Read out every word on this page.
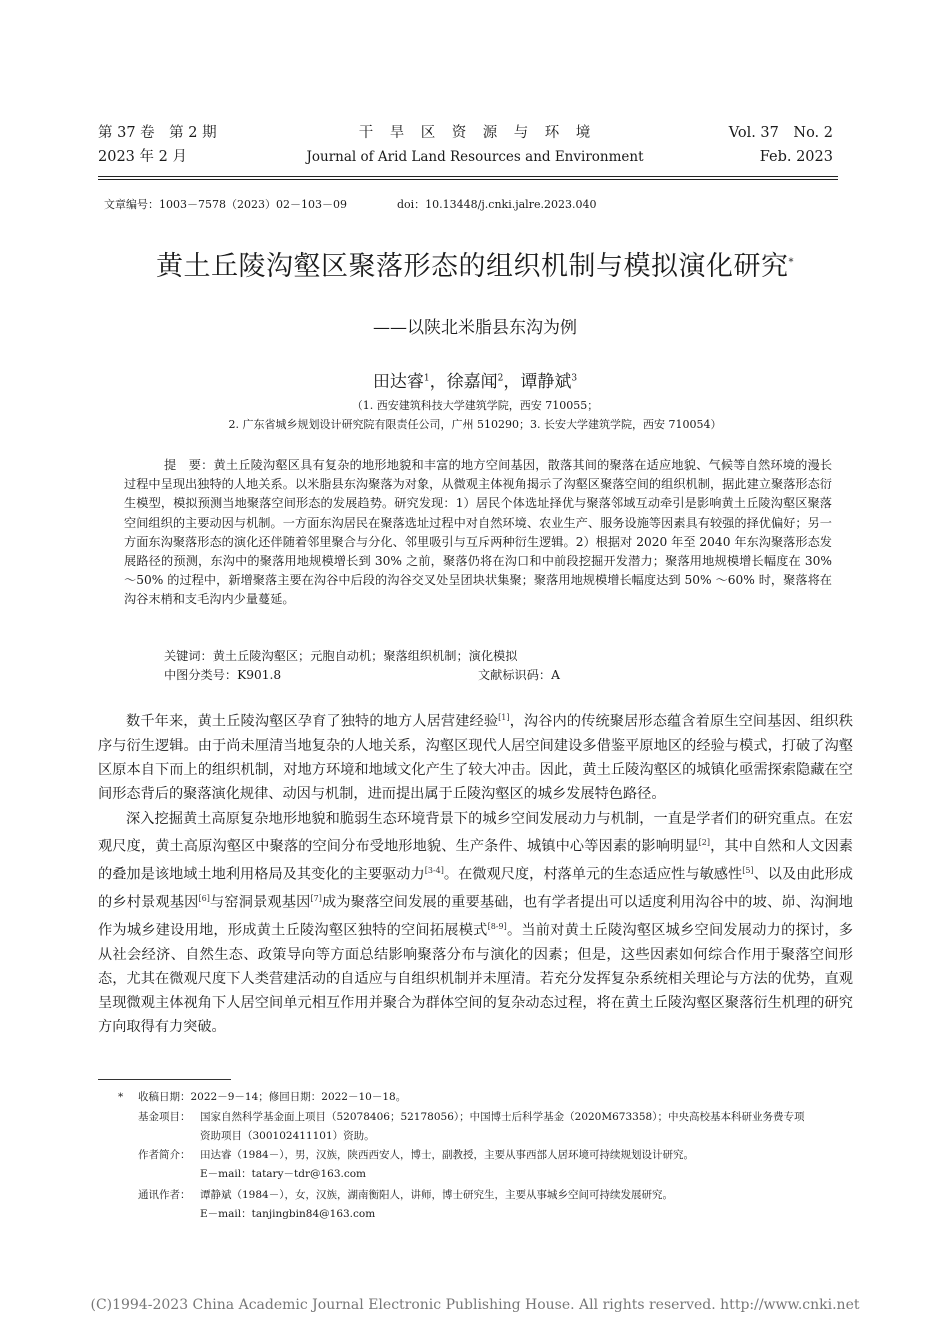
第 37 卷　第 2 期
2023 年 2 月
干　旱　区　资　源　与　环　境
Journal of Arid Land Resources and Environment
Vol. 37　No. 2
Feb. 2023
文章编号：1003－7578（2023）02－103－09	doi：10.13448/j.cnki.jalre.2023.040
黄土丘陵沟壑区聚落形态的组织机制与模拟演化研究*
——以陕北米脂县东沟为例
田达睿$^1$，徐嘉闻$^2$，谭静斌$^3$
（1. 西安建筑科技大学建筑学院，西安 710055；
2. 广东省城乡规划设计研究院有限责任公司，广州 510290；3. 长安大学建筑学院，西安 710054）

提　要：黄土丘陵沟壑区具有复杂的地形地貌和丰富的地方空间基因，散落其间的聚落在适应地貌、气候等自然环境的漫长过程中呈现出独特的人地关系。以米脂县东沟聚落为对象，从微观主体视角揭示了沟壑区聚落空间的组织机制，据此建立聚落形态衍生模型，模拟预测当地聚落空间形态的发展趋势。研究发现：1）居民个体选址择优与聚落邻域互动牵引是影响黄土丘陵沟壑区聚落空间组织的主要动因与机制。一方面东沟居民在聚落选址过程中对自然环境、农业生产、服务设施等因素具有较强的择优偏好；另一方面东沟聚落形态的演化还伴随着邻里聚合与分化、邻里吸引与互斥两种衍生逻辑。2）根据对 2020 年至 2040 年东沟聚落形态发展路径的预测，东沟中的聚落用地规模增长到 30% 之前，聚落仍将在沟口和中前段挖掘开发潜力；聚落用地规模增长幅度在 30% ～50% 的过程中，新增聚落主要在沟谷中后段的沟谷交叉处呈团块状集聚；聚落用地规模增长幅度达到 50% ～60% 时，聚落将在沟谷末梢和支毛沟内少量蔓延。

关键词：黄土丘陵沟壑区；元胞自动机；聚落组织机制；演化模拟
中图分类号：K901.8	文献标识码：A

数千年来，黄土丘陵沟壑区孕育了独特的地方人居营建经验[1]，沟谷内的传统聚居形态蕴含着原生空间基因、组织秩序与衍生逻辑。由于尚未厘清当地复杂的人地关系，沟壑区现代人居空间建设多借鉴平原地区的经验与模式，打破了沟壑区原本自下而上的组织机制，对地方环境和地域文化产生了较大冲击。因此，黄土丘陵沟壑区的城镇化亟需探索隐藏在空间形态背后的聚落演化规律、动因与机制，进而提出属于丘陵沟壑区的城乡发展特色路径。

深入挖掘黄土高原复杂地形地貌和脆弱生态环境背景下的城乡空间发展动力与机制，一直是学者们的研究重点。在宏观尺度，黄土高原沟壑区中聚落的空间分布受地形地貌、生产条件、城镇中心等因素的影响明显[2]，其中自然和人文因素的叠加是该地域土地利用格局及其变化的主要驱动力[3-4]。在微观尺度，村落单元的生态适应性与敏感性[5]、以及由此形成的乡村景观基因[6]与窑洞景观基因[7]成为聚落空间发展的重要基础，也有学者提出可以适度利用沟谷中的坡、峁、沟涧地作为城乡建设用地，形成黄土丘陵沟壑区独特的空间拓展模式[8-9]。当前对黄土丘陵沟壑区城乡空间发展动力的探讨，多从社会经济、自然生态、政策导向等方面总结影响聚落分布与演化的因素；但是，这些因素如何综合作用于聚落空间形态，尤其在微观尺度下人类营建活动的自适应与自组织机制并未厘清。若充分发挥复杂系统相关理论与方法的优势，直观呈现微观主体视角下人居空间单元相互作用并聚合为群体空间的复杂动态过程，将在黄土丘陵沟壑区聚落衍生机理的研究方向取得有力突破。

* 收稿日期：2022－9－14；修回日期：2022－10－18。
基金项目： 国家自然科学基金面上项目（52078406；52178056）；中国博士后科学基金（2020M673358）；中央高校基本科研业务费专项
资助项目（300102411101）资助。
作者简介： 田达睿（1984－），男，汉族，陕西西安人，博士，副教授，主要从事西部人居环境可持续规划设计研究。
E－mail：tatary－tdr@163.com
通讯作者： 谭静斌（1984－），女，汉族，湖南衡阳人，讲师，博士研究生，主要从事城乡空间可持续发展研究。
E－mail：tanjingbin84@163.com
(C)1994-2023 China Academic Journal Electronic Publishing House. All rights reserved. http://www.cnki.net
